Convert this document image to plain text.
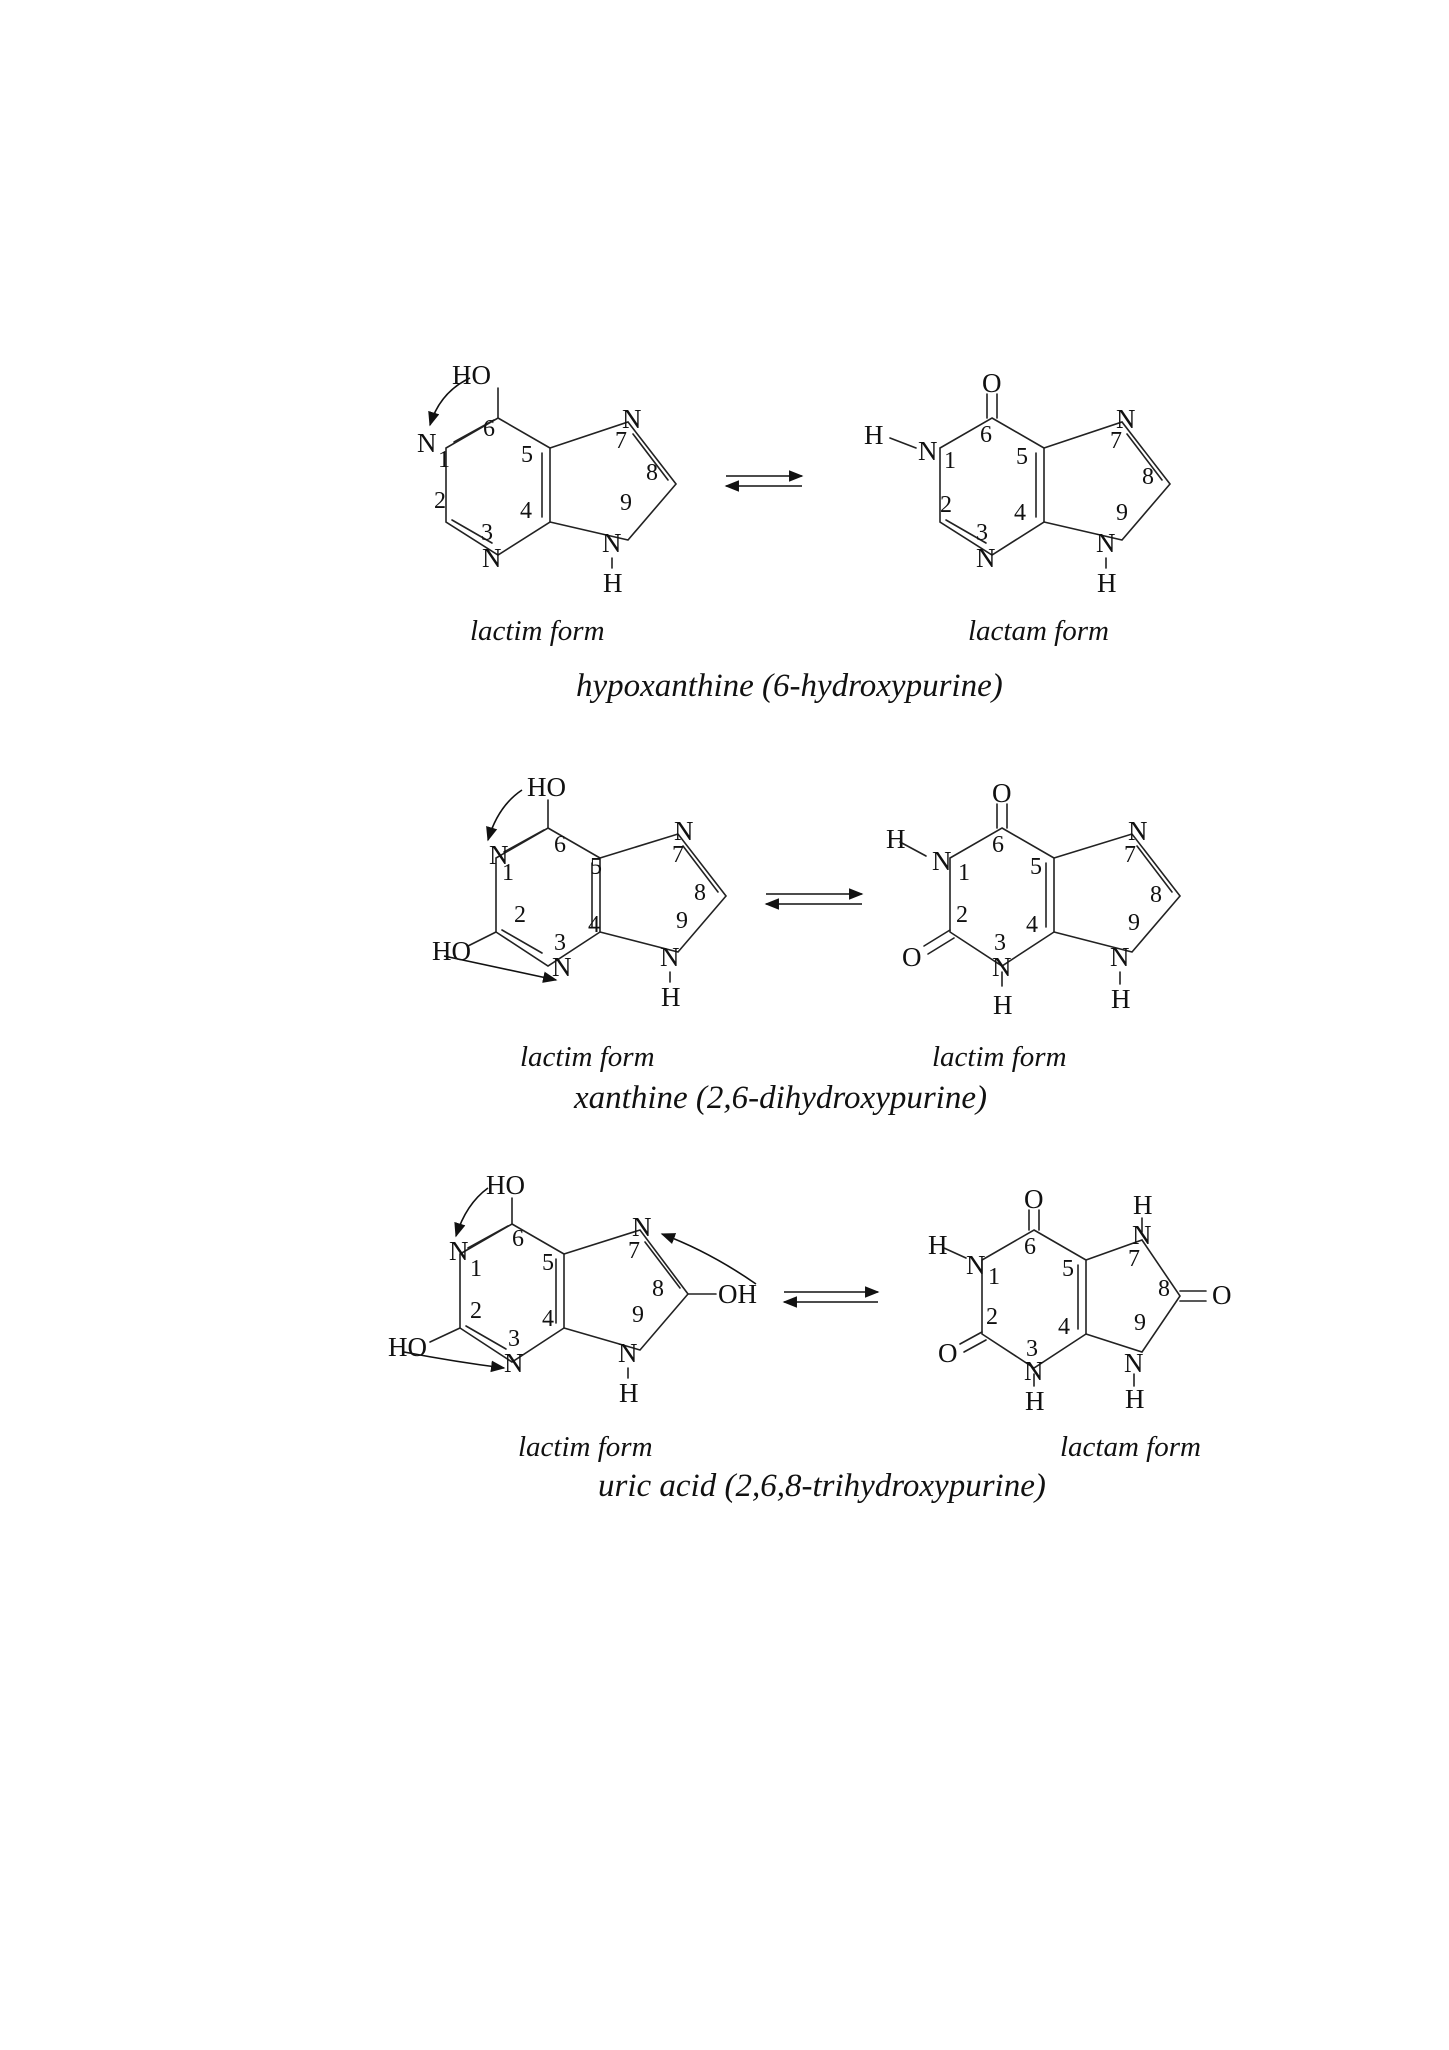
HO
N
N
N
N
H
1
2
3
4
5
6	7
8
9
O
H
N
N
N
N
H
1
2
3
4
5
6	7
8
9
lactim form	lactam form
hypoxanthine (6-hydroxypurine)
HO
HO
N
N
N
N
H
1
2
3
4
5
6	7
8
9
O
O
H
N
N
H
N
N
H
1
2
3
4
5
6	7
8
9
lactim form	lactim form
xanthine (2,6-dihydroxypurine)
HO
HO
OH
N
N
N
N
H
1
2
3
4
5
6	7
8
9
O
O
O
H
N
N
H
H
N
N
H
1
2
3
4
5
6	7
8
9
lactim form	lactam form
uric acid (2,6,8-trihydroxypurine)
